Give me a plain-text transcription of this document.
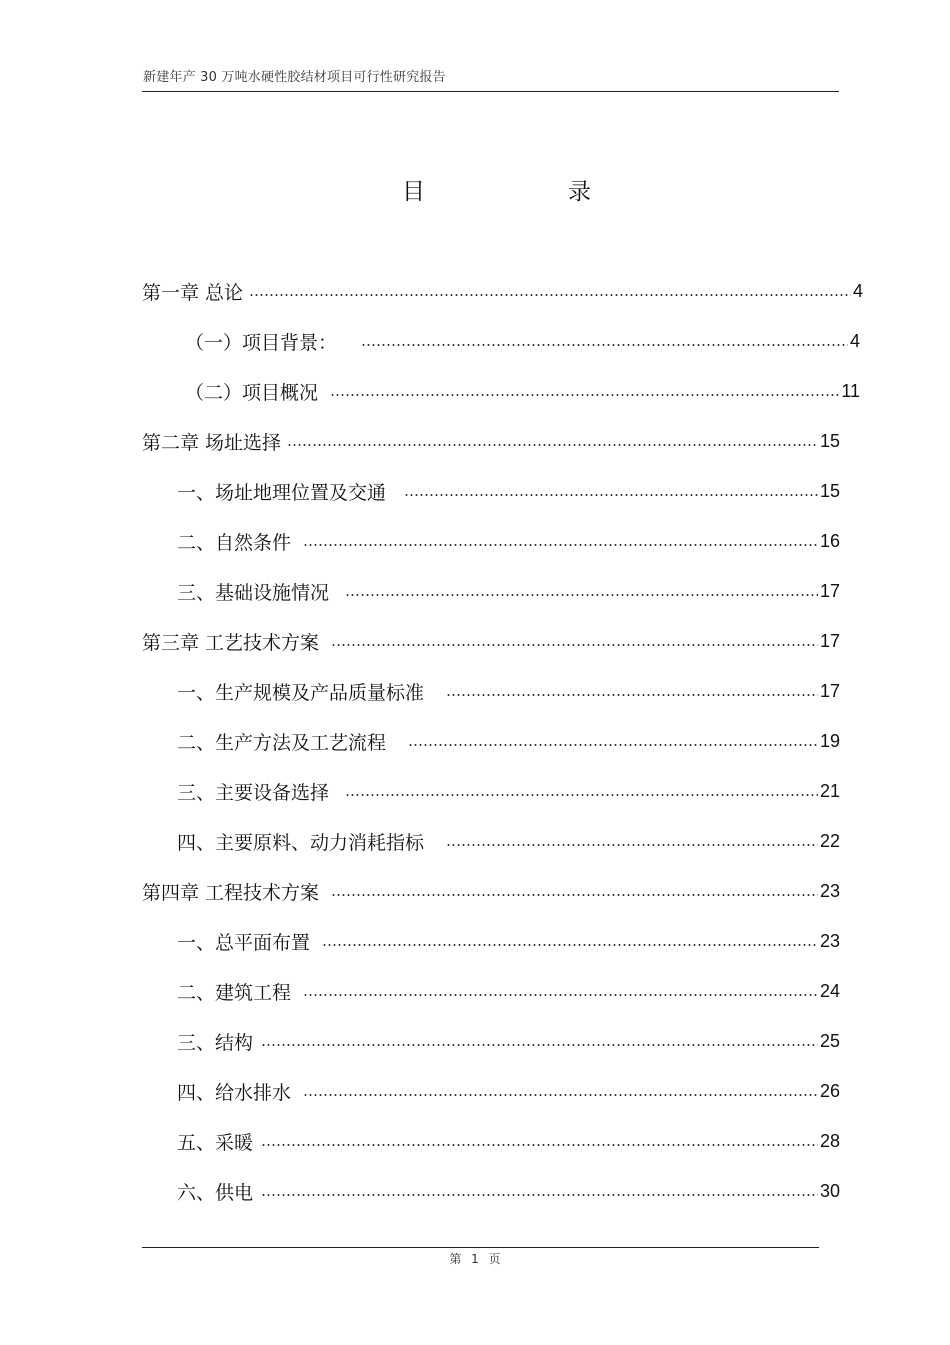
新建年产 30 万吨水硬性胶结材项目可行性研究报告
目	录
第一章 总论	4
（一）项目背景：	4
（二）项目概况	11
第二章 场址选择	15
一、场址地理位置及交通	15
二、自然条件	16
三、基础设施情况	17
第三章 工艺技术方案	17
一、生产规模及产品质量标准	17
二、生产方法及工艺流程	19
三、主要设备选择	21
四、主要原料、动力消耗指标	22
第四章 工程技术方案	23
一、总平面布置	23
二、建筑工程	24
三、结构	25
四、给水排水	26
五、采暖	28
六、供电	30
第 1 页
